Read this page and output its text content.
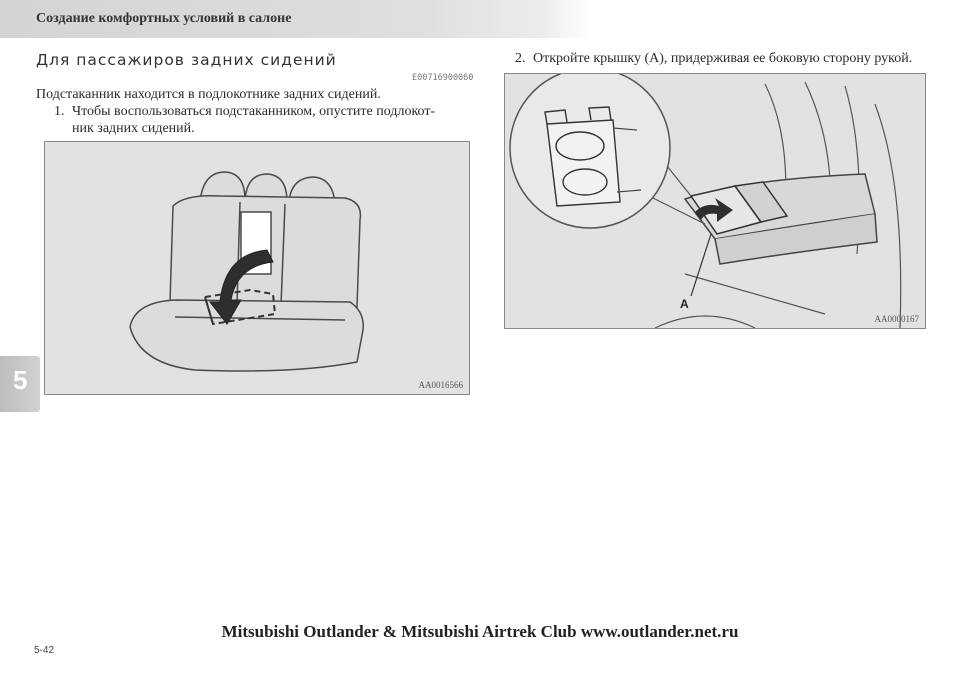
Создание комфортных условий в салоне
5
Для пассажиров задних сидений
E00716900060
Подстаканник находится в подлокотнике задних сидений.
1. Чтобы воспользоваться подстаканником, опустите подлокот-
ник задних сидений.
2. Откройте крышку (A), придерживая ее боковую сторону рукой.
AA0016566
A
AA0000167
Mitsubishi Outlander & Mitsubishi Airtrek Club www.outlander.net.ru
5-42
